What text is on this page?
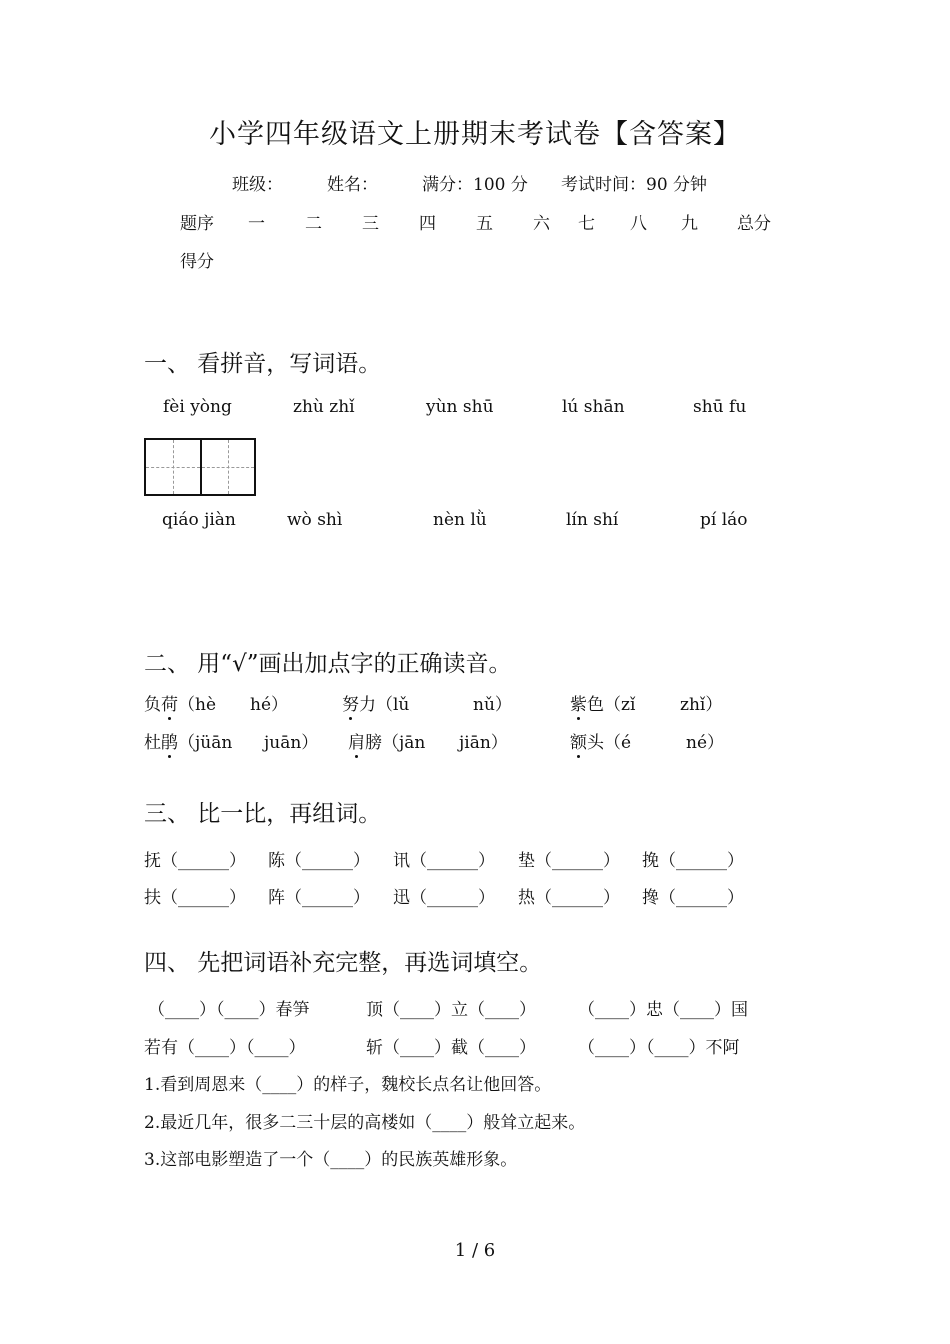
小学四年级语文上册期末考试卷【含答案】
班级：	姓名：	满分：100 分 考试时间：90 分钟
题序 一 二 三 四 五 六 七 八 九 总分
得分
一、 看拼音，写词语。
fèi yòng	zhù zhǐ	yùn shū	lú shān	shū fu
qiáo jiàn	wò shì	nèn lǜ	lín shí	pí láo
二、 用“√”画出加点字的正确读音。
负荷（hè hé）	努力（lǔ	nǔ）	紫色（zǐ	zhǐ）
杜鹃（jüān juān） 肩膀（jān jiān）	额头（é	né）
三、 比一比，再组词。
抚（______） 陈（______） 讯（______） 垫（______） 挽（______）
扶（______） 阵（______） 迅（______） 热（______） 搀（______）
四、 先把词语补充完整，再选词填空。
（____）（____）春笋	顶（____）立（____） （____）忠（____）国
若有（____）（____）	斩（____）截（____） （____）（____）不阿
1.看到周恩来（____）的样子，魏校长点名让他回答。
2.最近几年，很多二三十层的高楼如（____）般耸立起来。
3.这部电影塑造了一个（____）的民族英雄形象。
1 / 6
